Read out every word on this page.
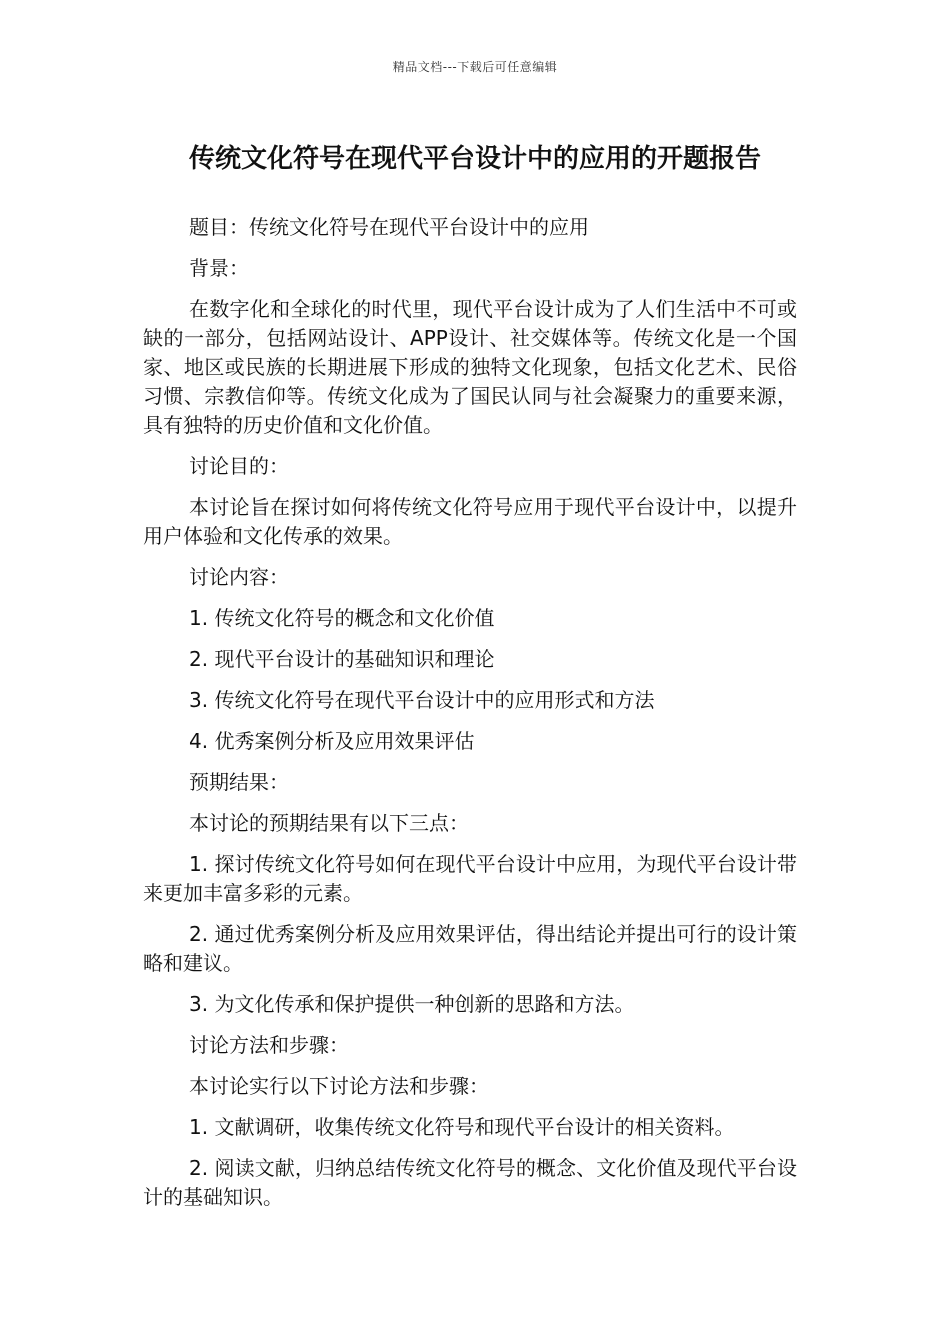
精品文档---下载后可任意编辑
传统文化符号在现代平台设计中的应用的开题报告

题目：传统文化符号在现代平台设计中的应用

背景：

在数字化和全球化的时代里，现代平台设计成为了人们生活中不可或缺的一部分，包括网站设计、APP设计、社交媒体等。传统文化是一个国家、地区或民族的长期进展下形成的独特文化现象，包括文化艺术、民俗习惯、宗教信仰等。传统文化成为了国民认同与社会凝聚力的重要来源，具有独特的历史价值和文化价值。

讨论目的：

本讨论旨在探讨如何将传统文化符号应用于现代平台设计中，以提升用户体验和文化传承的效果。

讨论内容：

1. 传统文化符号的概念和文化价值

2. 现代平台设计的基础知识和理论

3. 传统文化符号在现代平台设计中的应用形式和方法

4. 优秀案例分析及应用效果评估

预期结果：

本讨论的预期结果有以下三点：

1. 探讨传统文化符号如何在现代平台设计中应用，为现代平台设计带来更加丰富多彩的元素。

2. 通过优秀案例分析及应用效果评估，得出结论并提出可行的设计策略和建议。

3. 为文化传承和保护提供一种创新的思路和方法。

讨论方法和步骤：

本讨论实行以下讨论方法和步骤：

1. 文献调研，收集传统文化符号和现代平台设计的相关资料。

2. 阅读文献，归纳总结传统文化符号的概念、文化价值及现代平台设计的基础知识。
